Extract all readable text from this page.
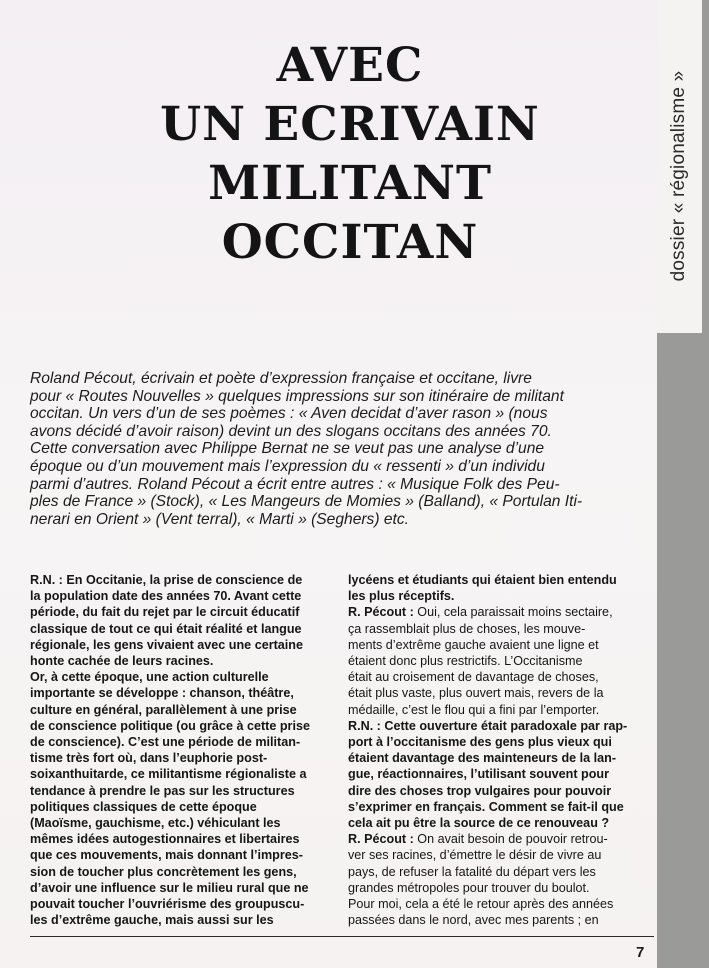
dossier « régionalisme »
AVEC
UN ECRIVAIN
MILITANT
OCCITAN
Roland Pécout, écrivain et poète d’expression française et occitane, livre
pour « Routes Nouvelles » quelques impressions sur son itinéraire de militant
occitan. Un vers d’un de ses poèmes : « Aven decidat d’aver rason » (nous
avons décidé d’avoir raison) devint un des slogans occitans des années 70.
Cette conversation avec Philippe Bernat ne se veut pas une analyse d’une
époque ou d’un mouvement mais l’expression du « ressenti » d’un individu
parmi d’autres. Roland Pécout a écrit entre autres : « Musique Folk des Peu-
ples de France » (Stock), « Les Mangeurs de Momies » (Balland), « Portulan Iti-
nerari en Orient » (Vent terral), « Marti » (Seghers) etc.
R.N. : En Occitanie, la prise de conscience de
la population date des années 70. Avant cette
période, du fait du rejet par le circuit éducatif
classique de tout ce qui était réalité et langue
régionale, les gens vivaient avec une certaine
honte cachée de leurs racines.
Or, à cette époque, une action culturelle
importante se développe : chanson, théâtre,
culture en général, parallèlement à une prise
de conscience politique (ou grâce à cette prise
de conscience). C’est une période de militan-
tisme très fort où, dans l’euphorie post-
soixanthuitarde, ce militantisme régionaliste a
tendance à prendre le pas sur les structures
politiques classiques de cette époque
(Maoïsme, gauchisme, etc.) véhiculant les
mêmes idées autogestionnaires et libertaires
que ces mouvements, mais donnant l’impres-
sion de toucher plus concrètement les gens,
d’avoir une influence sur le milieu rural que ne
pouvait toucher l’ouvriérisme des groupuscu-
les d’extrême gauche, mais aussi sur les
lycéens et étudiants qui étaient bien entendu
les plus réceptifs.
R. Pécout : Oui, cela paraissait moins sectaire,
ça rassemblait plus de choses, les mouve-
ments d’extrême gauche avaient une ligne et
étaient donc plus restrictifs. L’Occitanisme
était au croisement de davantage de choses,
était plus vaste, plus ouvert mais, revers de la
médaille, c’est le flou qui a fini par l’emporter.
R.N. : Cette ouverture était paradoxale par rap-
port à l’occitanisme des gens plus vieux qui
étaient davantage des mainteneurs de la lan-
gue, réactionnaires, l’utilisant souvent pour
dire des choses trop vulgaires pour pouvoir
s’exprimer en français. Comment se fait-il que
cela ait pu être la source de ce renouveau ?
R. Pécout : On avait besoin de pouvoir retrou-
ver ses racines, d’émettre le désir de vivre au
pays, de refuser la fatalité du départ vers les
grandes métropoles pour trouver du boulot.
Pour moi, cela a été le retour après des années
passées dans le nord, avec mes parents ; en
7
